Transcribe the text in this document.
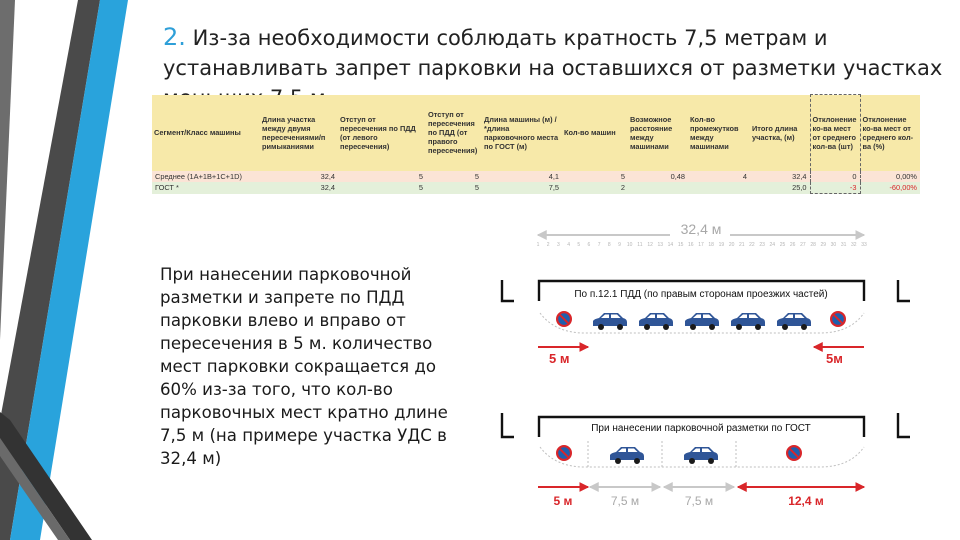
2. Из-за необходимости соблюдать кратность 7,5 метрам и устанавливать запрет парковки на оставшихся от разметки участках
Сегмент/Класс машины	Длина участка между двумя пересечениями/п римыканиями	Отступ от пересечения по ПДД (от левого пересечения)	Отступ от пересечения по ПДД (от правого пересечения)	Длина машины (м) / *длина парковочного места по ГОСТ (м)	Кол-во машин	Возможное расстояние между машинами	Кол-во промежутков между машинами	Итого длина участка, (м)	Отклонение ко-ва мест от среднего кол-ва (шт)	Отклонение ко-ва мест от среднего кол-ва (%)
Среднее (1А+1В+1С+1D)	32,4	5	5	4,1	5	0,48	4	32,4	0	0,00%
ГОСТ *	32,4	5	5	7,5	2			25,0	-3	-60,00%
При нанесении парковочной разметки и запрете по ПДД парковки влево и вправо от пересечения в 5 м. количество мест парковки сокращается до 60% из-за того, что кол-во парковочных мест кратно длине 7,5 м (на примере участка УДС в 32,4 м)
32,4 м
1 2 3 4 5 6 7 8 9 10 11 12 13 14 15 16 17 18 19 20 21 22 23 24 25 26 27 28 29 30 31 32 33
По п.12.1 ПДД (по правым сторонам проезжих частей)
5 м	5м
При нанесении парковочной разметки по ГОСТ
5 м	7,5 м	7,5 м	12,4 м
